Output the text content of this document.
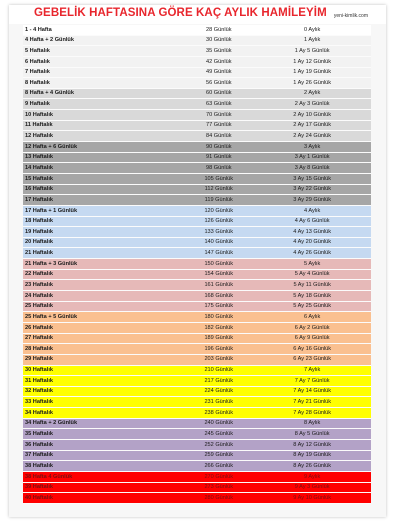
GEBELİK HAFTASINA GÖRE KAÇ AYLIK HAMİLEYİM yeni-kimlik.com
1 - 4 Hafta	28 Günlük	0 Aylık
4 Hafta + 2 Günlük	30 Günlük	1 Aylık
5 Haftalık	35 Günlük	1 Ay 5 Günlük
6 Haftalık	42 Günlük	1 Ay 12 Günlük
7 Haftalık	49 Günlük	1 Ay 19 Günlük
8 Haftalık	56 Günlük	1 Ay 26 Günlük
8 Hafta + 4 Günlük	60 Günlük	2 Aylık
9 Haftalık	63 Günlük	2 Ay 3 Günlük
10 Haftalık	70 Günlük	2 Ay 10 Günlük
11 Haftalık	77 Günlük	2 Ay 17 Günlük
12 Haftalık	84 Günlük	2 Ay 24 Günlük
12 Hafta + 6 Günlük	90 Günlük	3 Aylık
13 Haftalık	91 Günlük	3 Ay 1 Günlük
14 Haftalık	98 Günlük	3 Ay 8 Günlük
15 Haftalık	105 Günlük	3 Ay 15 Günlük
16 Haftalık	112 Günlük	3 Ay 22 Günlük
17 Haftalık	119 Günlük	3 Ay 29 Günlük
17 Hafta + 1 Günlük	120 Günlük	4 Aylık
18 Haftalık	126 Günlük	4 Ay 6 Günlük
19 Haftalık	133 Günlük	4 Ay 13 Günlük
20 Haftalık	140 Günlük	4 Ay 20 Günlük
21 Haftalık	147 Günlük	4 Ay 26 Günlük
21 Hafta + 3 Günlük	150 Günlük	5 Aylık
22 Haftalık	154 Günlük	5 Ay 4 Günlük
23 Haftalık	161 Günlük	5 Ay 11 Günlük
24 Haftalık	168 Günlük	5 Ay 18 Günlük
25 Haftalık	175 Günlük	5 Ay 25 Günlük
25 Hafta + 5 Günlük	180 Günlük	6 Aylık
26 Haftalık	182 Günlük	6 Ay 2 Günlük
27 Haftalık	189 Günlük	6 Ay 9 Günlük
28 Haftalık	196 Günlük	6 Ay 16 Günlük
29 Haftalık	203 Günlük	6 Ay 23 Günlük
30 Haftalık	210 Günlük	7 Aylık
31 Haftalık	217 Günlük	7 Ay 7 Günlük
32 Haftalık	224 Günlük	7 Ay 14 Günlük
33 Haftalık	231 Günlük	7 Ay 21 Günlük
34 Haftalık	238 Günlük	7 Ay 28 Günlük
34 Hafta + 2 Günlük	240 Günlük	8 Aylık
35 Haftalık	245 Günlük	8 Ay 5 Günlük
36 Haftalık	252 Günlük	8 Ay 12 Günlük
37 Haftalık	259 Günlük	8 Ay 19 Günlük
38 Haftalık	266 Günlük	8 Ay 26 Günlük
38 Hafta 4 Günlük	270 Günlük	9 Aylık
39 Haftalık	273 Günlük	9 Ay 3 Günlük
40 Haftalık	280 Günlük	9 Ay 10 Günlük
